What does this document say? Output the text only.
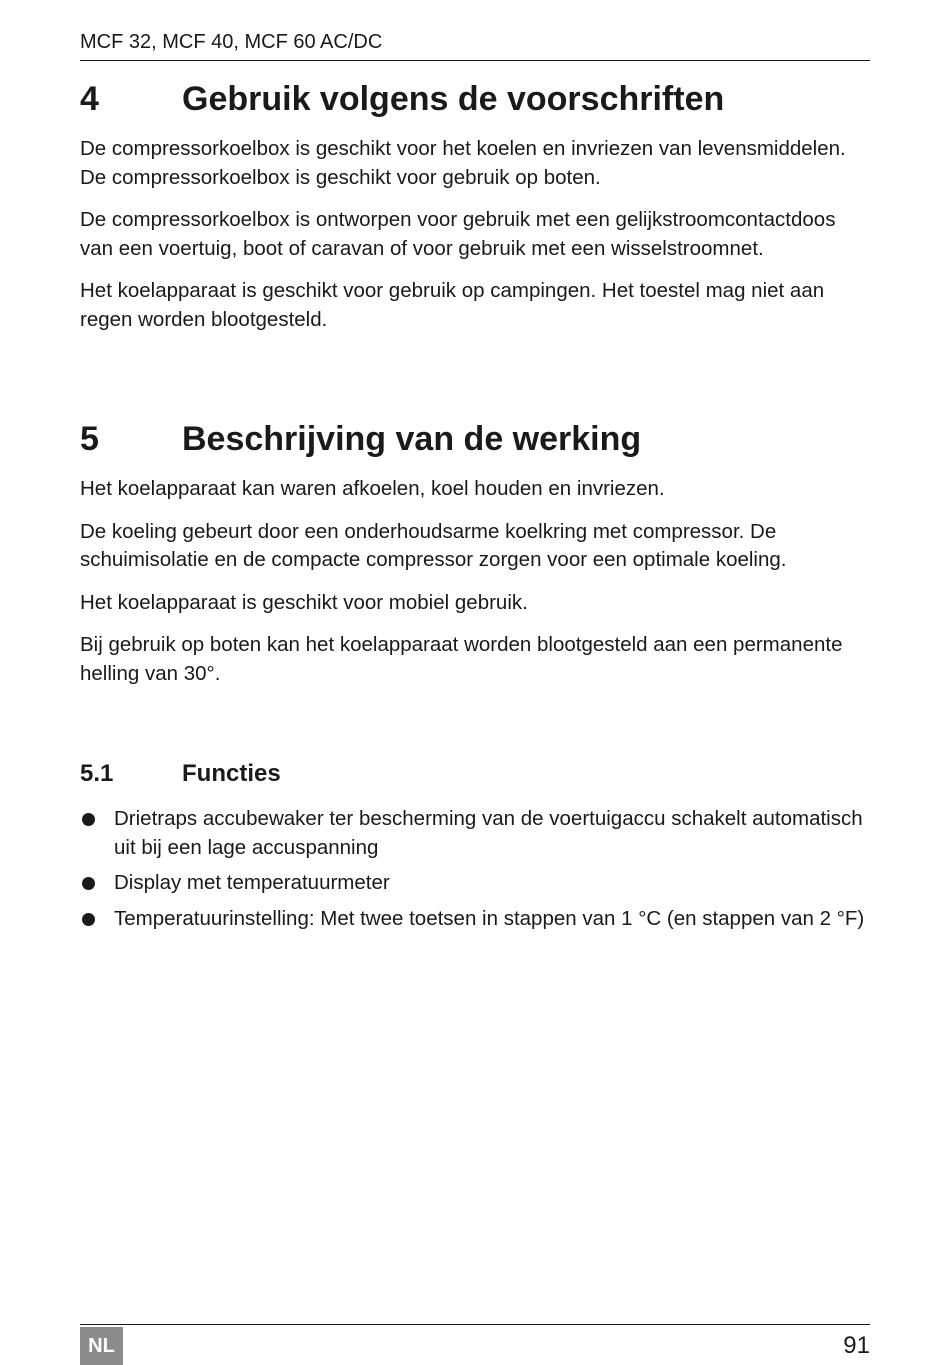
MCF 32, MCF 40, MCF 60 AC/DC
4 Gebruik volgens de voorschriften

De compressorkoelbox is geschikt voor het koelen en invriezen van levensmiddelen. De compressorkoelbox is geschikt voor gebruik op boten.

De compressorkoelbox is ontworpen voor gebruik met een gelijkstroomcontactdoos van een voertuig, boot of caravan of voor gebruik met een wisselstroomnet.

Het koelapparaat is geschikt voor gebruik op campingen. Het toestel mag niet aan regen worden blootgesteld.

5 Beschrijving van de werking

Het koelapparaat kan waren afkoelen, koel houden en invriezen.

De koeling gebeurt door een onderhoudsarme koelkring met compressor. De schuimisolatie en de compacte compressor zorgen voor een optimale koeling.

Het koelapparaat is geschikt voor mobiel gebruik.

Bij gebruik op boten kan het koelapparaat worden blootgesteld aan een permanente helling van 30°.

5.1	Functies
Drietraps accubewaker ter bescherming van de voertuigaccu schakelt automatisch uit bij een lage accuspanning
Display met temperatuurmeter
Temperatuurinstelling: Met twee toetsen in stappen van 1 °C (en stappen van 2 °F)
NL	91
